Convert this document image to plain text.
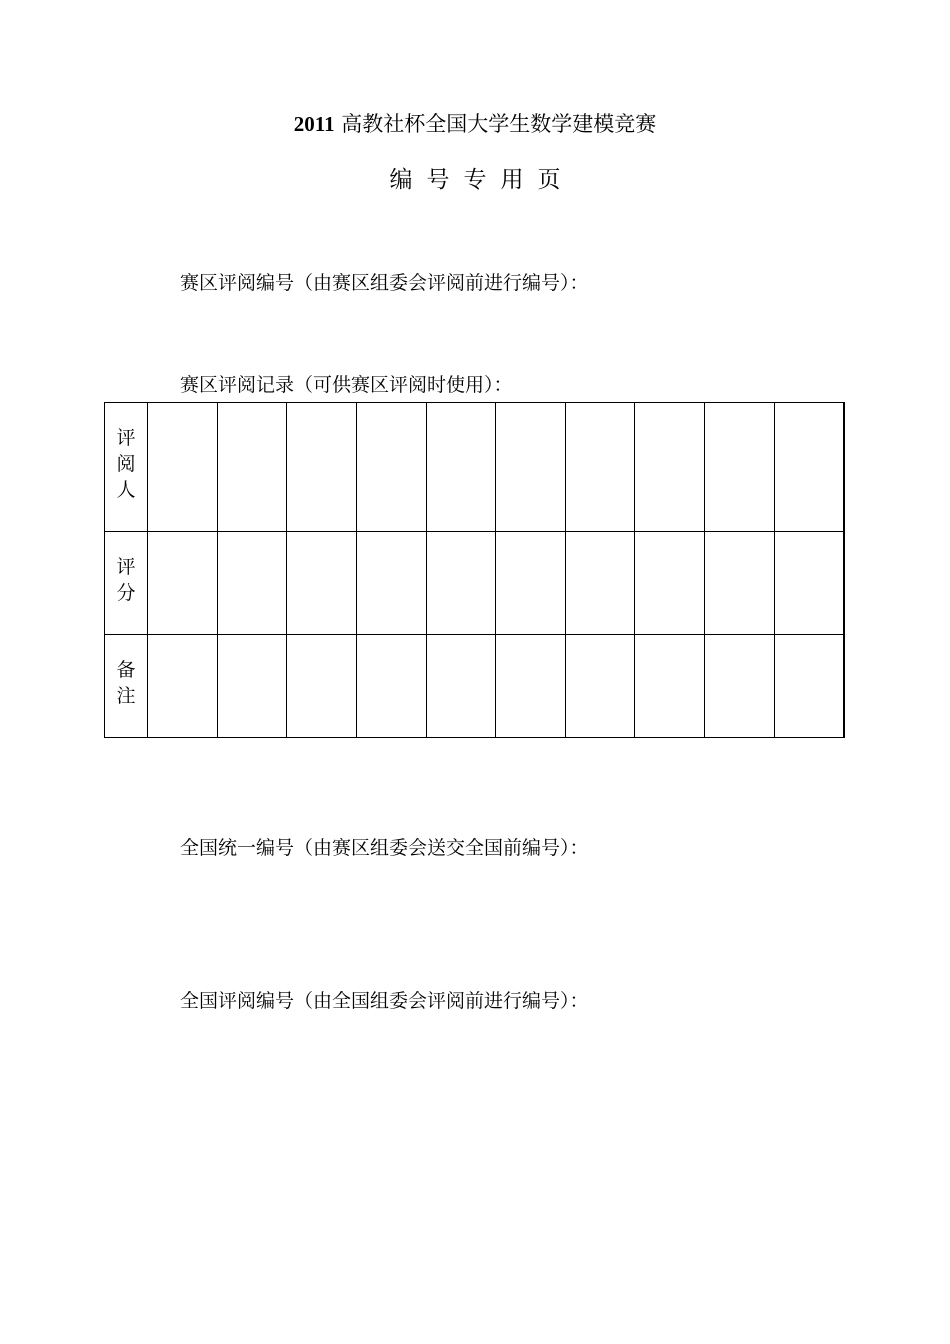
2011 高教社杯全国大学生数学建模竞赛
编号专用页
赛区评阅编号（由赛区组委会评阅前进行编号）：
赛区评阅记录（可供赛区评阅时使用）：
评阅人										
评分										
备注										
全国统一编号（由赛区组委会送交全国前编号）：
全国评阅编号（由全国组委会评阅前进行编号）：
